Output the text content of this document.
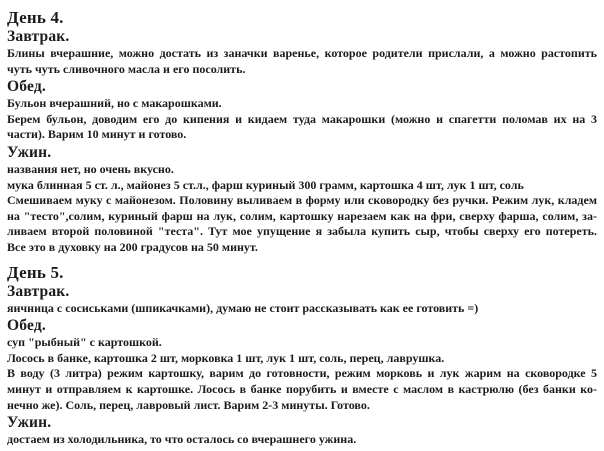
День 4.
Завтрак.
Блины вчерашние, можно достать из заначки варенье, которое родители прислали, а можно растопить
чуть чуть сливочного масла и его посолить.
Обед.
Бульон вчерашний, но с макарошками.
Берем бульон, доводим его до кипения и кидаем туда макарошки (можно и спагетти поломав их на 3
части). Варим 10 минут и готово.
Ужин.
названия нет, но очень вкусно.
мука блинная 5 ст. л., майонез 5 ст.л., фарш куриный 300 грамм, картошка 4 шт, лук 1 шт, соль
Смешиваем муку с майонезом. Половину выливаем в форму или сковородку без ручки. Режим лук, кладем
на "тесто",солим, куриный фарш на лук, солим, картошку нарезаем как на фри, сверху фарша, солим, за-
ливаем второй половиной "теста". Тут мое упущение я забыла купить сыр, чтобы сверху его потереть.
Все это в духовку на 200 градусов на 50 минут.
День 5.
Завтрак.
яичница с сосиськами (шпикачками), думаю не стоит рассказывать как ее готовить =)
Обед.
суп "рыбный" с картошкой.
Лосось в банке, картошка 2 шт, морковка 1 шт, лук 1 шт, соль, перец, лаврушка.
В воду (3 литра) режим картошку, варим до готовности, режим морковь и лук жарим на сковородке 5
минут и отправляем к картошке. Лосось в банке порубить и вместе с маслом в кастрюлю (без банки ко-
нечно же). Соль, перец, лавровый лист. Варим 2-3 минуты. Готово.
Ужин.
достаем из холодильника, то что осталось со вчерашнего ужина.
